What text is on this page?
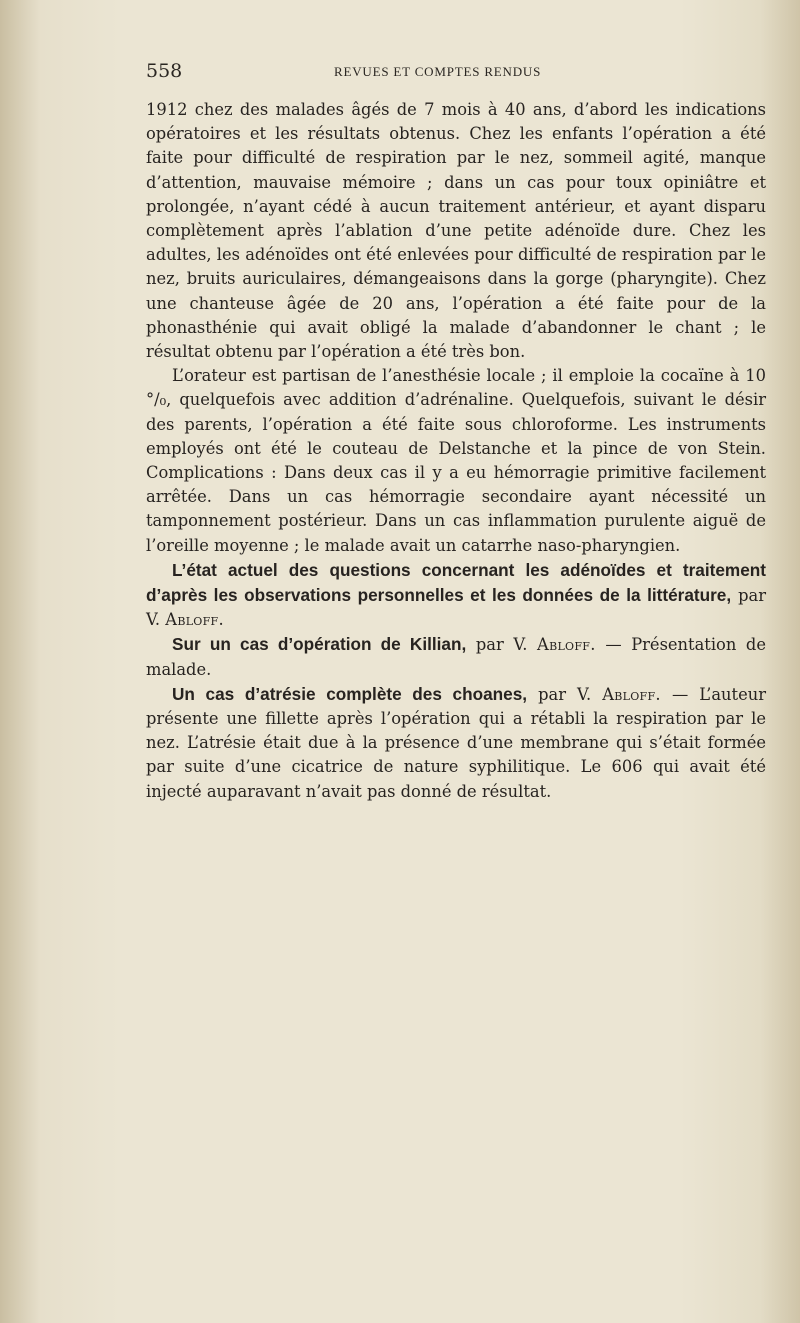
558	REVUES ET COMPTES RENDUS

1912 chez des malades âgés de 7 mois à 40 ans, d’abord les indications opératoires et les résultats obtenus. Chez les enfants l’opération a été faite pour difficulté de respiration par le nez, sommeil agité, manque d’attention, mauvaise mémoire ; dans un cas pour toux opiniâtre et prolongée, n’ayant cédé à aucun traitement antérieur, et ayant disparu complètement après l’ablation d’une petite adénoïde dure. Chez les adultes, les adénoïdes ont été enlevées pour difficulté de respiration par le nez, bruits auriculaires, démangeaisons dans la gorge (pharyngite). Chez une chanteuse âgée de 20 ans, l’opération a été faite pour de la phonasthénie qui avait obligé la malade d’abandonner le chant ; le résultat obtenu par l’opération a été très bon.

L’orateur est partisan de l’anesthésie locale ; il emploie la cocaïne à 10 °/₀, quelquefois avec addition d’adrénaline. Quelquefois, suivant le désir des parents, l’opération a été faite sous chloroforme. Les instruments employés ont été le couteau de Delstanche et la pince de von Stein. Complications : Dans deux cas il y a eu hémorragie primitive facilement arrêtée. Dans un cas hémorragie secondaire ayant nécessité un tamponnement postérieur. Dans un cas inflammation purulente aiguë de l’oreille moyenne ; le malade avait un catarrhe naso-pharyngien.

L’état actuel des questions concernant les adénoïdes et traitement d’après les observations personnelles et les données de la littérature, par V. Abloff.

Sur un cas d’opération de Killian, par V. Abloff. — Présentation de malade.

Un cas d’atrésie complète des choanes, par V. Abloff. — L’auteur présente une fillette après l’opération qui a rétabli la respiration par le nez. L’atrésie était due à la présence d’une membrane qui s’était formée par suite d’une cicatrice de nature syphilitique. Le 606 qui avait été injecté auparavant n’avait pas donné de résultat.
